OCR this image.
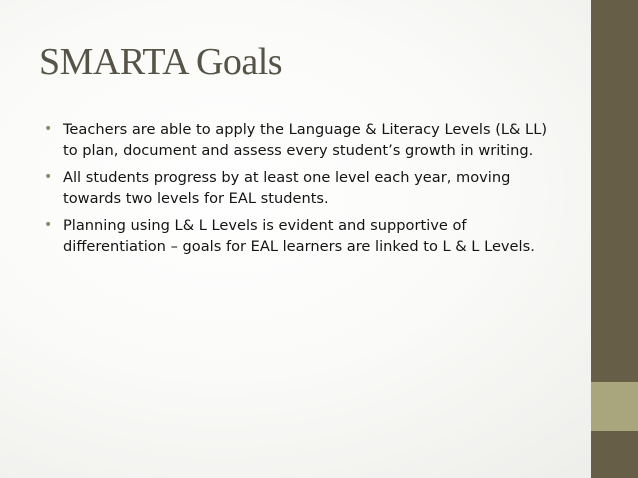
SMARTA Goals
• Teachers are able to apply the Language & Literacy Levels (L& LL) to plan, document and assess every student’s growth in writing.
• All students progress by at least one level each year, moving towards two levels for EAL students.
• Planning using L& L Levels is evident and supportive of differentiation – goals for EAL learners are linked to L & L Levels.
